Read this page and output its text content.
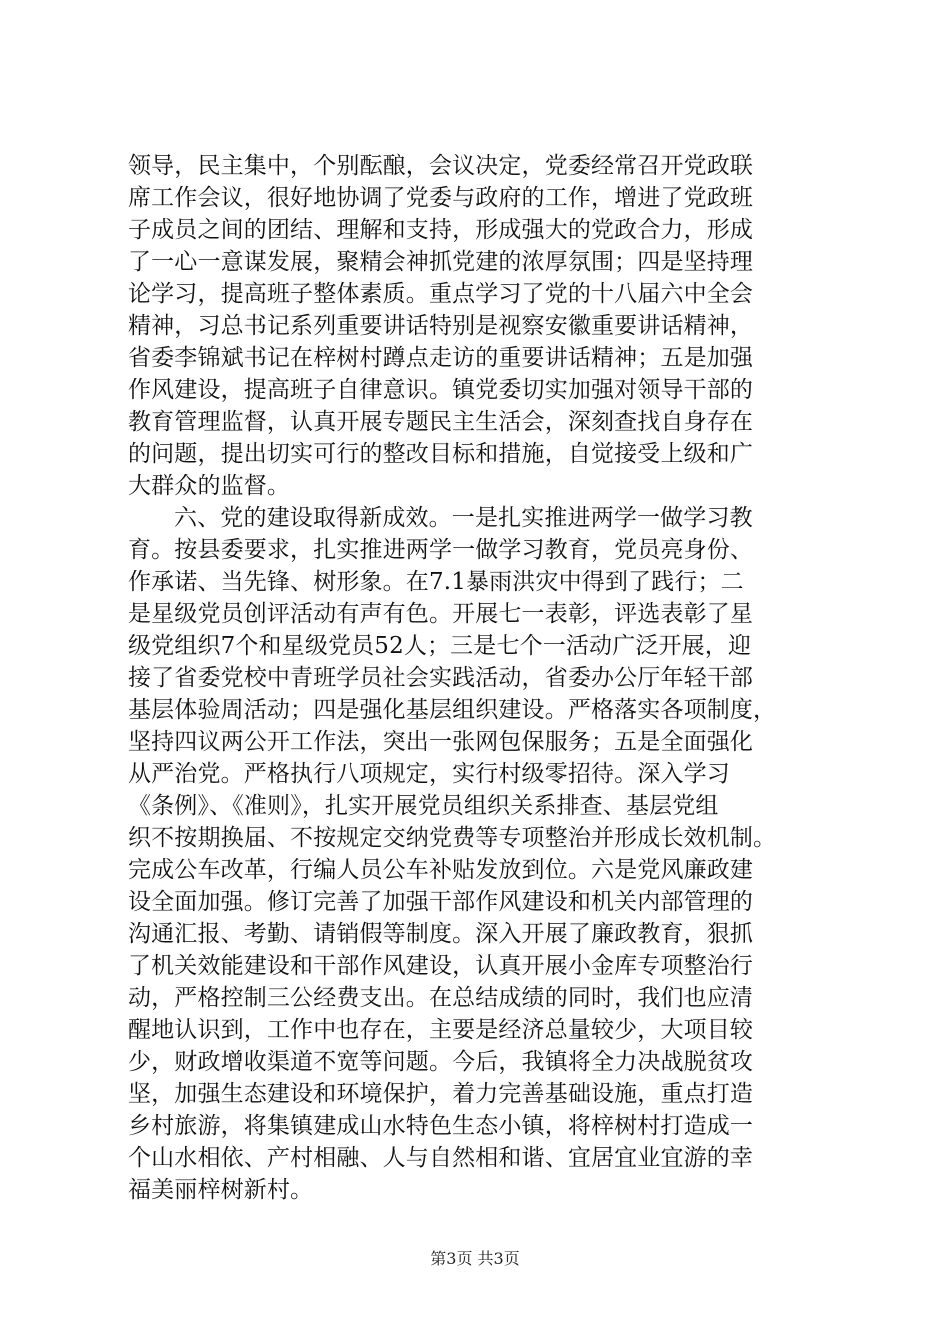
领导，民主集中，个别酝酿，会议决定，党委经常召开党政联
席工作会议，很好地协调了党委与政府的工作，增进了党政班
子成员之间的团结、理解和支持，形成强大的党政合力，形成
了一心一意谋发展，聚精会神抓党建的浓厚氛围；四是坚持理
论学习，提高班子整体素质。重点学习了党的十八届六中全会
精神，习总书记系列重要讲话特别是视察安徽重要讲话精神，
省委李锦斌书记在梓树村蹲点走访的重要讲话精神；五是加强
作风建设，提高班子自律意识。镇党委切实加强对领导干部的
教育管理监督，认真开展专题民主生活会，深刻查找自身存在
的问题，提出切实可行的整改目标和措施，自觉接受上级和广
大群众的监督。
六、党的建设取得新成效。一是扎实推进两学一做学习教
育。按县委要求，扎实推进两学一做学习教育，党员亮身份、
作承诺、当先锋、树形象。在7.1暴雨洪灾中得到了践行；二
是星级党员创评活动有声有色。开展七一表彰，评选表彰了星
级党组织7个和星级党员52人；三是七个一活动广泛开展，迎
接了省委党校中青班学员社会实践活动，省委办公厅年轻干部
基层体验周活动；四是强化基层组织建设。严格落实各项制度，
坚持四议两公开工作法，突出一张网包保服务；五是全面强化
从严治党。严格执行八项规定，实行村级零招待。深入学习
《条例》、《准则》，扎实开展党员组织关系排查、基层党组
织不按期换届、不按规定交纳党费等专项整治并形成长效机制。
完成公车改革，行编人员公车补贴发放到位。六是党风廉政建
设全面加强。修订完善了加强干部作风建设和机关内部管理的
沟通汇报、考勤、请销假等制度。深入开展了廉政教育，狠抓
了机关效能建设和干部作风建设，认真开展小金库专项整治行
动，严格控制三公经费支出。在总结成绩的同时，我们也应清
醒地认识到，工作中也存在，主要是经济总量较少，大项目较
少，财政增收渠道不宽等问题。今后，我镇将全力决战脱贫攻
坚，加强生态建设和环境保护，着力完善基础设施，重点打造
乡村旅游，将集镇建成山水特色生态小镇，将梓树村打造成一
个山水相依、产村相融、人与自然相和谐、宜居宜业宜游的幸
福美丽梓树新村。
第3页 共3页
